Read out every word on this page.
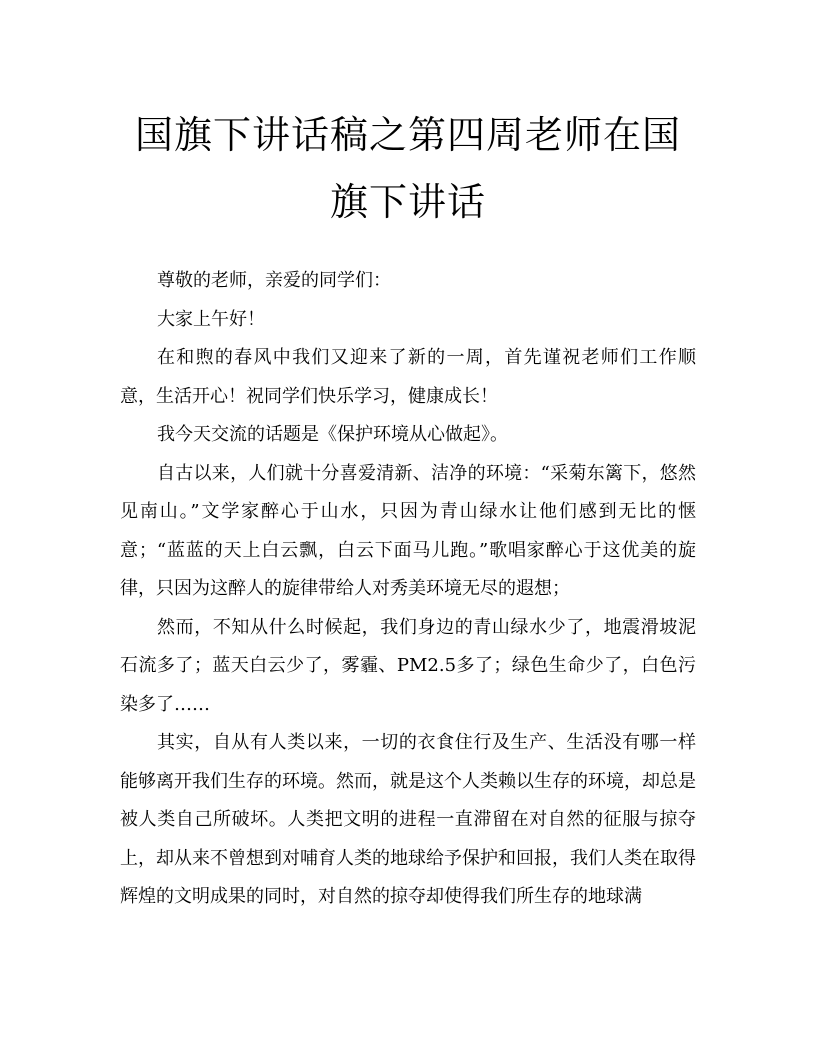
国旗下讲话稿之第四周老师在国旗下讲话

尊敬的老师，亲爱的同学们：

大家上午好！

在和煦的春风中我们又迎来了新的一周，首先谨祝老师们工作顺意，生活开心！祝同学们快乐学习，健康成长！

我今天交流的话题是《保护环境从心做起》。

自古以来，人们就十分喜爱清新、洁净的环境：“采菊东篱下，悠然见南山。”文学家醉心于山水，只因为青山绿水让他们感到无比的惬意；“蓝蓝的天上白云飘，白云下面马儿跑。”歌唱家醉心于这优美的旋律，只因为这醉人的旋律带给人对秀美环境无尽的遐想；

然而，不知从什么时候起，我们身边的青山绿水少了，地震滑坡泥石流多了；蓝天白云少了，雾霾、PM2.5多了；绿色生命少了，白色污染多了……

其实，自从有人类以来，一切的衣食住行及生产、生活没有哪一样能够离开我们生存的环境。然而，就是这个人类赖以生存的环境，却总是被人类自己所破坏。人类把文明的进程一直滞留在对自然的征服与掠夺上，却从来不曾想到对哺育人类的地球给予保护和回报，我们人类在取得辉煌的文明成果的同时，对自然的掠夺却使得我们所生存的地球满
